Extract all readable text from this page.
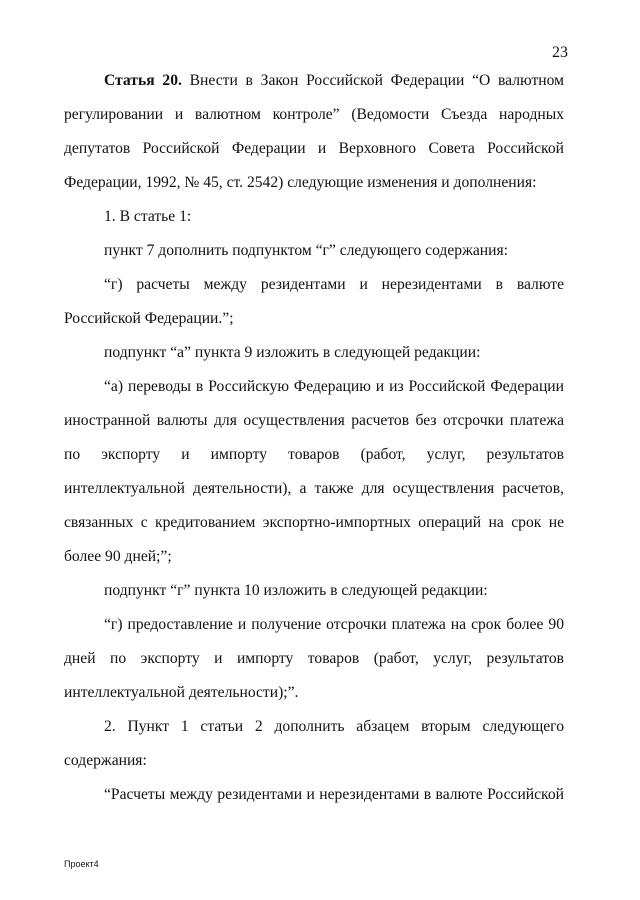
23

Статья 20. Внести в Закон Российской Федерации “О валютном регулировании и валютном контроле” (Ведомости Съезда народных депутатов Российской Федерации и Верховного Совета Российской Федерации, 1992, № 45, ст. 2542) следующие изменения и дополнения:

1. В статье 1:

пункт 7 дополнить подпунктом “г” следующего содержания:

“г) расчеты между резидентами и нерезидентами в валюте Российской Федерации.”;

подпункт “а” пункта 9 изложить в следующей редакции:

“а) переводы в Российскую Федерацию и из Российской Федерации иностранной валюты для осуществления расчетов без отсрочки платежа по экспорту и импорту товаров (работ, услуг, результатов интеллектуальной деятельности), а также для осуществления расчетов, связанных с кредитованием экспортно-импортных операций на срок не более 90 дней;”;

подпункт “г” пункта 10 изложить в следующей редакции:

“г) предоставление и получение отсрочки платежа на срок более 90 дней по экспорту и импорту товаров (работ, услуг, результатов интеллектуальной деятельности);”.

2. Пункт 1 статьи 2 дополнить абзацем вторым следующего содержания:

“Расчеты между резидентами и нерезидентами в валюте Российской

Проект4
